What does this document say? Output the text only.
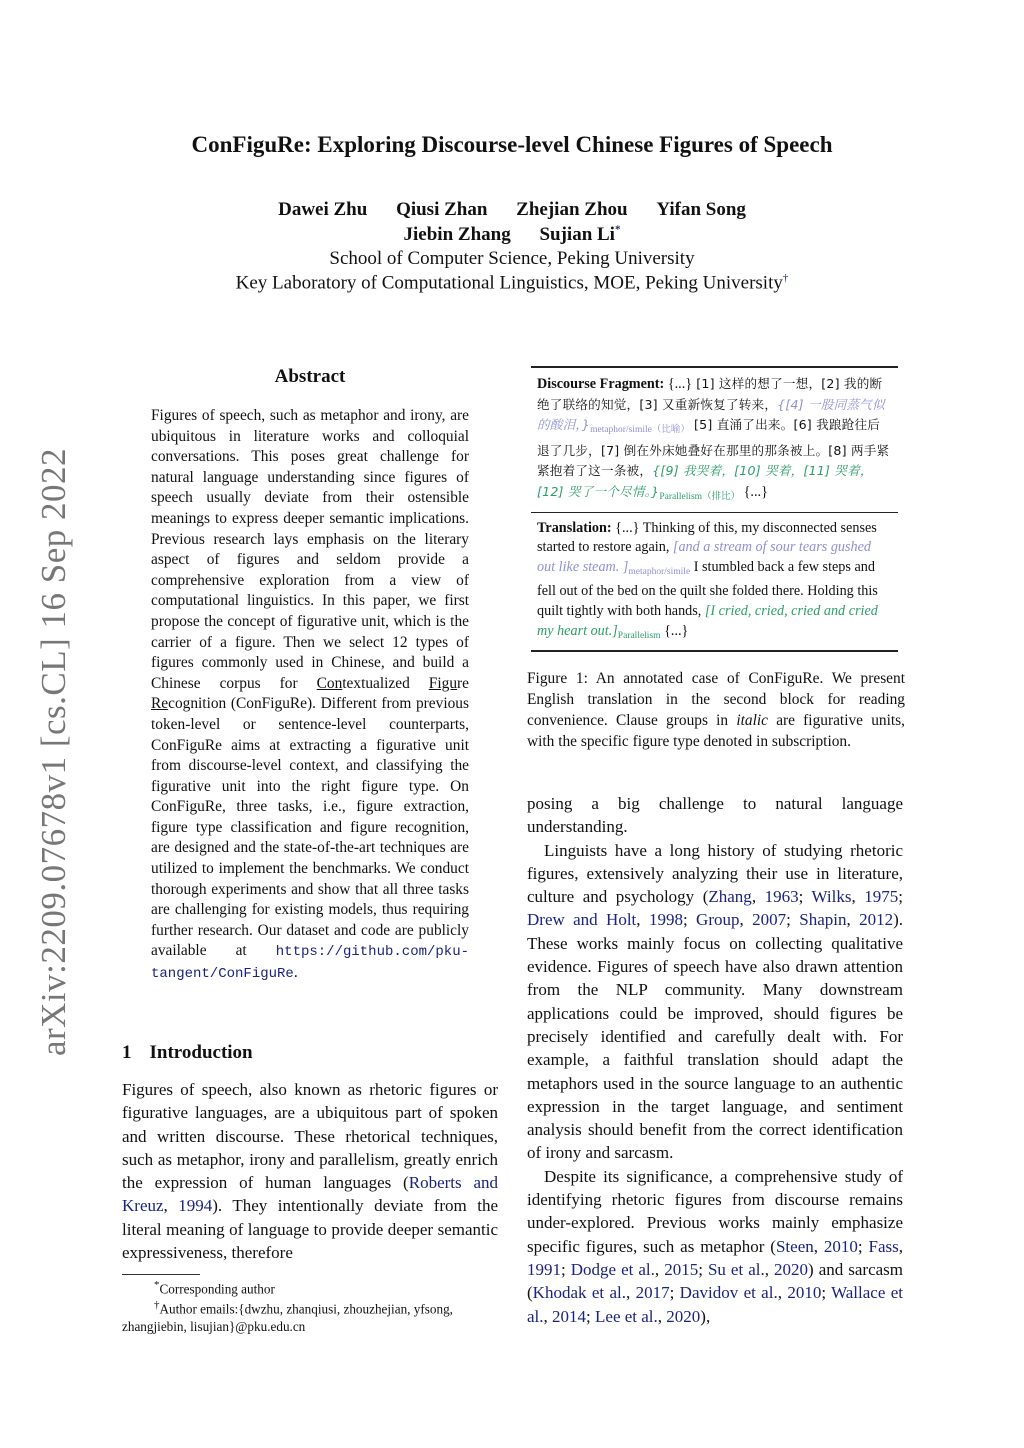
arXiv:2209.07678v1 [cs.CL] 16 Sep 2022
ConFiguRe: Exploring Discourse-level Chinese Figures of Speech
Dawei Zhu Qiusi Zhan Zhejian Zhou Yifan Song
Jiebin Zhang Sujian Li*
School of Computer Science, Peking University
Key Laboratory of Computational Linguistics, MOE, Peking University†
Abstract
Figures of speech, such as metaphor and irony, are ubiquitous in literature works and colloquial conversations. This poses great challenge for natural language understanding since figures of speech usually deviate from their ostensible meanings to express deeper semantic implications. Previous research lays emphasis on the literary aspect of figures and seldom provide a comprehensive exploration from a view of computational linguistics. In this paper, we first propose the concept of figurative unit, which is the carrier of a figure. Then we select 12 types of figures commonly used in Chinese, and build a Chinese corpus for Contextualized Figure Recognition (ConFiguRe). Different from previous token-level or sentence-level counterparts, ConFiguRe aims at extracting a figurative unit from discourse-level context, and classifying the figurative unit into the right figure type. On ConFiguRe, three tasks, i.e., figure extraction, figure type classification and figure recognition, are designed and the state-of-the-art techniques are utilized to implement the benchmarks. We conduct thorough experiments and show that all three tasks are challenging for existing models, thus requiring further research. Our dataset and code are publicly available at https://github.com/pku-tangent/ConFiguRe.
1 Introduction

Figures of speech, also known as rhetoric figures or figurative languages, are a ubiquitous part of spoken and written discourse. These rhetorical techniques, such as metaphor, irony and parallelism, greatly enrich the expression of human languages (Roberts and Kreuz, 1994). They intentionally deviate from the literal meaning of language to provide deeper semantic expressiveness, therefore

*Corresponding author

†Author emails:{dwzhu, zhanqiusi, zhouzhejian, yfsong, zhangjiebin, lisujian}@pku.edu.cn

Discourse Fragment: {...} [1] 这样的想了一想，[2] 我的断绝了联络的知觉，[3] 又重新恢复了转来，{[4] 一股同蒸气似的酸泪，}$_{metaphor/simile(比喻)}$ [5] 直涌了出来。[6] 我踉跄往后退了几步，[7] 倒在外床她叠好在那里的那条被上。[8] 两手紧紧抱着了这一条被，{[9] 我哭着，[10] 哭着，[11] 哭着，[12] 哭了一个尽情。}$_{Parallelism(排比)}$ {...}
Translation: {...} Thinking of this, my disconnected senses started to restore again, [and a stream of sour tears gushed out like steam. ]$_{metaphor/simile}$ I stumbled back a few steps and fell out of the bed on the quilt she folded there. Holding this quilt tightly with both hands, [I cried, cried, cried and cried my heart $out.]_{Parallelism}$ {...}
Figure 1: An annotated case of ConFiguRe. We present English translation in the second block for reading convenience. Clause groups in italic are figurative units, with the specific figure type denoted in subscription.

posing a big challenge to natural language understanding.

Linguists have a long history of studying rhetoric figures, extensively analyzing their use in literature, culture and psychology (Zhang, 1963; Wilks, 1975; Drew and Holt, 1998; Group, 2007; Shapin, 2012). These works mainly focus on collecting qualitative evidence. Figures of speech have also drawn attention from the NLP community. Many downstream applications could be improved, should figures be precisely identified and carefully dealt with. For example, a faithful translation should adapt the metaphors used in the source language to an authentic expression in the target language, and sentiment analysis should benefit from the correct identification of irony and sarcasm.

Despite its significance, a comprehensive study of identifying rhetoric figures from discourse remains under-explored. Previous works mainly emphasize specific figures, such as metaphor (Steen, 2010; Fass, 1991; Dodge et al., 2015; Su et al., 2020) and sarcasm (Khodak et al., 2017; Davidov et al., 2010; Wallace et al., 2014; Lee et al., 2020),
